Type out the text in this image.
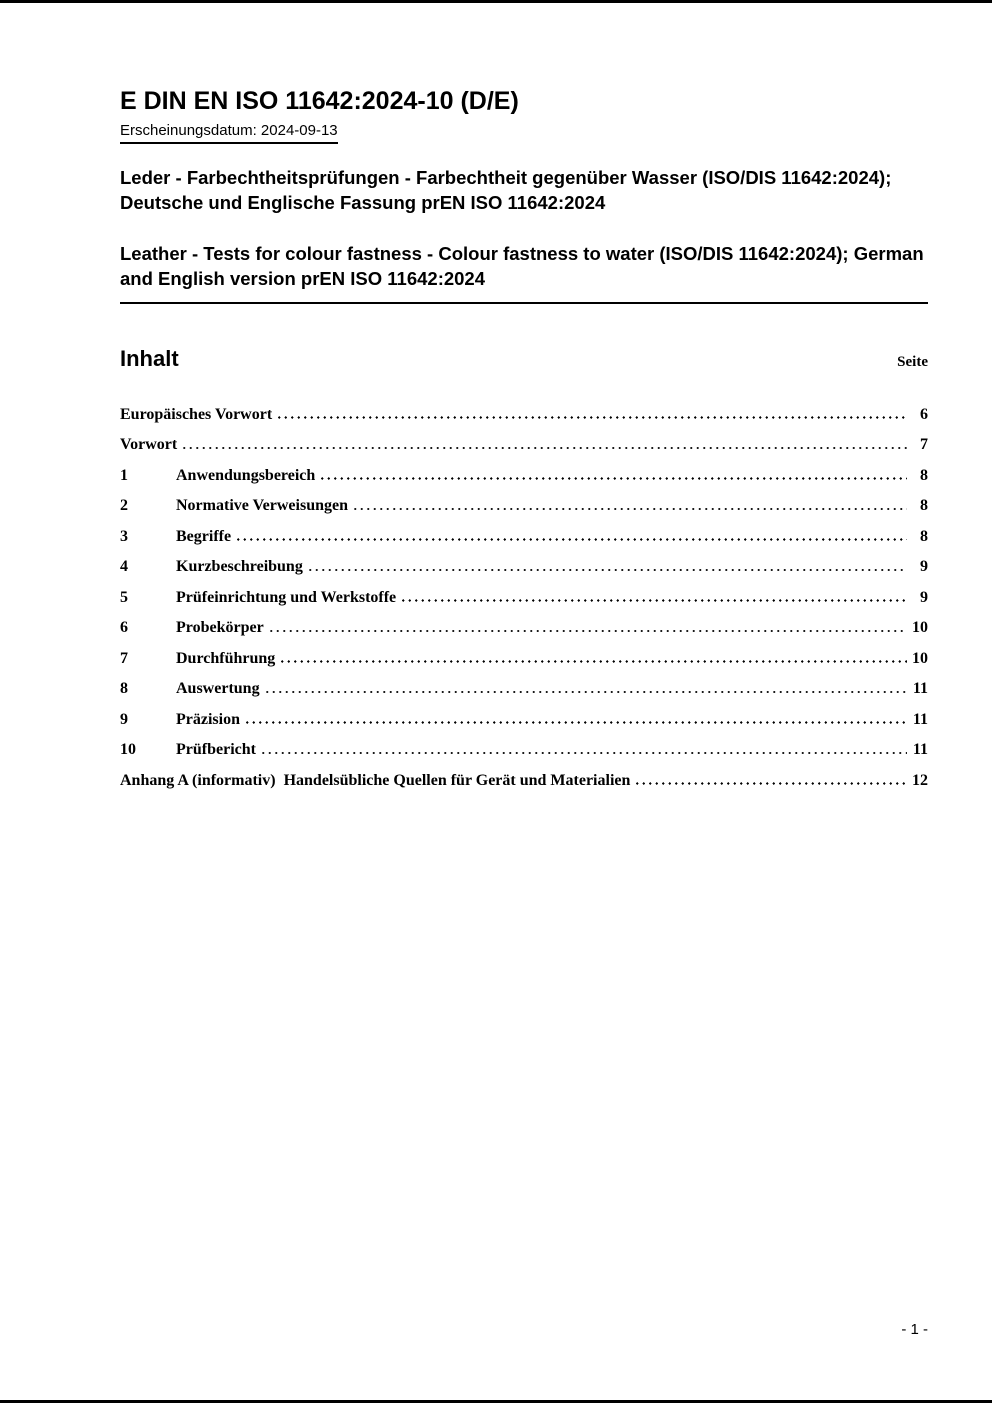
E DIN EN ISO 11642:2024-10 (D/E)
Erscheinungsdatum: 2024-09-13

Leder - Farbechtheitsprüfungen - Farbechtheit gegenüber Wasser (ISO/DIS 11642:2024); Deutsche und Englische Fassung prEN ISO 11642:2024

Leather - Tests for colour fastness - Colour fastness to water (ISO/DIS 11642:2024); German and English version prEN ISO 11642:2024

Inhalt	Seite
Europäisches Vorwort	6
Vorwort	7
1	Anwendungsbereich	8
2	Normative Verweisungen	8
3	Begriffe	8
4	Kurzbeschreibung	9
5	Prüfeinrichtung und Werkstoffe	9
6	Probekörper	10
7	Durchführung	10
8	Auswertung	11
9	Präzision	11
10	Prüfbericht	11
Anhang A (informativ)  Handelsübliche Quellen für Gerät und Materialien	12
- 1 -
